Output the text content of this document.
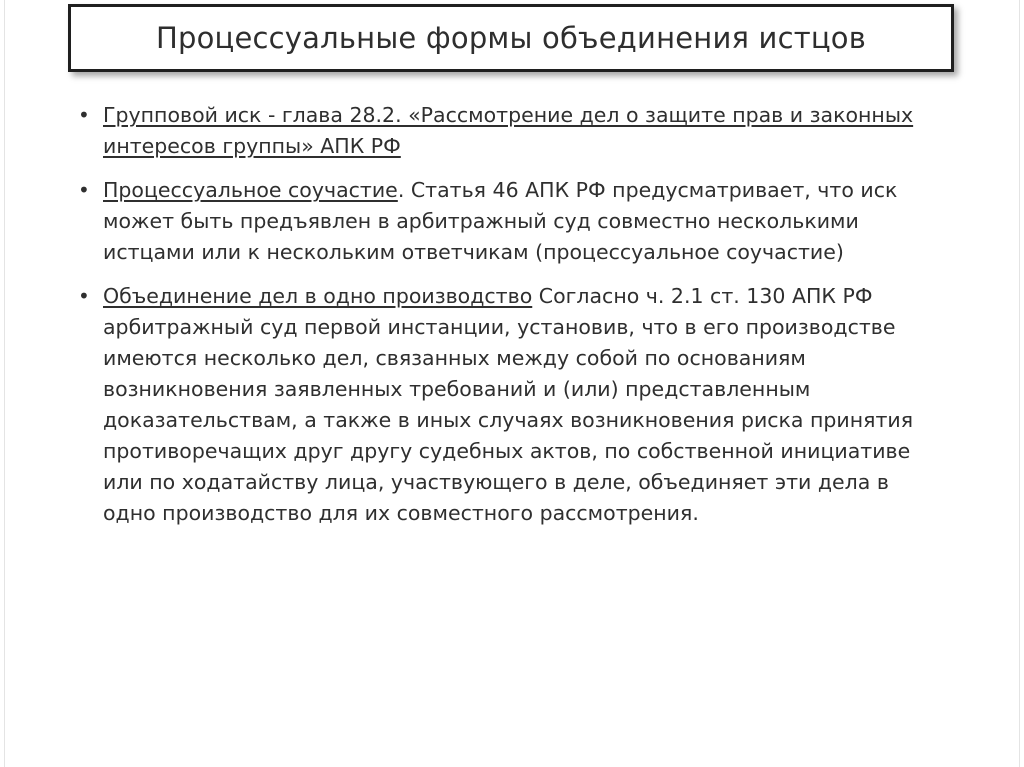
Процессуальные формы объединения истцов
• Групповой иск - глава 28.2. «Рассмотрение дел о защите прав и законных интересов группы» АПК РФ
• Процессуальное соучастие. Статья 46 АПК РФ предусматривает, что иск может быть предъявлен в арбитражный суд совместно несколькими истцами или к нескольким ответчикам (процессуальное соучастие)
• Объединение дел в одно производство Согласно ч. 2.1 ст. 130 АПК РФ арбитражный суд первой инстанции, установив, что в его производстве имеются несколько дел, связанных между собой по основаниям возникновения заявленных требований и (или) представленным доказательствам, а также в иных случаях возникновения риска принятия противоречащих друг другу судебных актов, по собственной инициативе или по ходатайству лица, участвующего в деле, объединяет эти дела в одно производство для их совместного рассмотрения.
